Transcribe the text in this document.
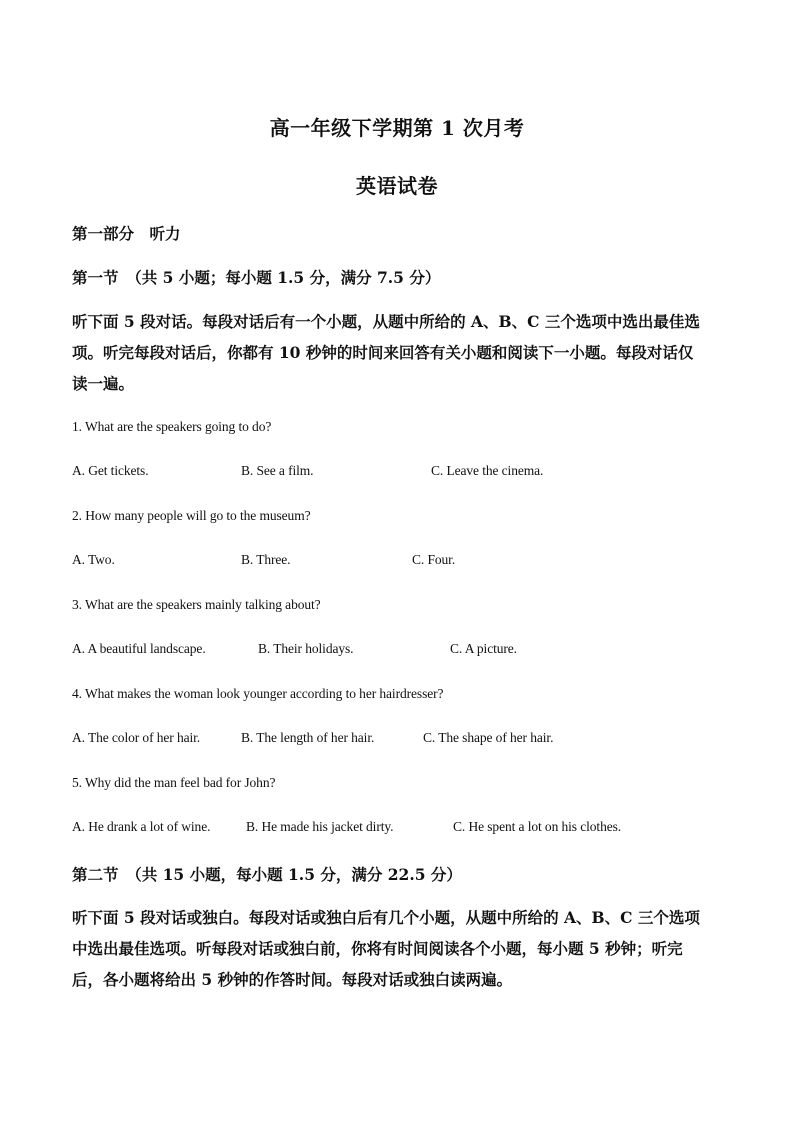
高一年级下学期第 1 次月考
英语试卷
第一部分　听力
第一节　（共 5 小题；每小题 1.5 分，满分 7.5 分）
听下面 5 段对话。每段对话后有一个小题，从题中所给的 A、B、C 三个选项中选出最佳选
项。听完每段对话后，你都有 10 秒钟的时间来回答有关小题和阅读下一小题。每段对话仅
读一遍。
1. What are the speakers going to do?
A. Get tickets.	B. See a film.	C. Leave the cinema.
2. How many people will go to the museum?
A. Two.	B. Three.	C. Four.
3. What are the speakers mainly talking about?
A. A beautiful landscape.	B. Their holidays.	C. A picture.
4. What makes the woman look younger according to her hairdresser?
A. The color of her hair.	B. The length of her hair.	C. The shape of her hair.
5. Why did the man feel bad for John?
A. He drank a lot of wine.	B. He made his jacket dirty.	C. He spent a lot on his clothes.
第二节　（共 15 小题，每小题 1.5 分，满分 22.5 分）
听下面 5 段对话或独白。每段对话或独白后有几个小题，从题中所给的 A、B、C 三个选项
中选出最佳选项。听每段对话或独白前，你将有时间阅读各个小题，每小题 5 秒钟；听完
后，各小题将给出 5 秒钟的作答时间。每段对话或独白读两遍。
